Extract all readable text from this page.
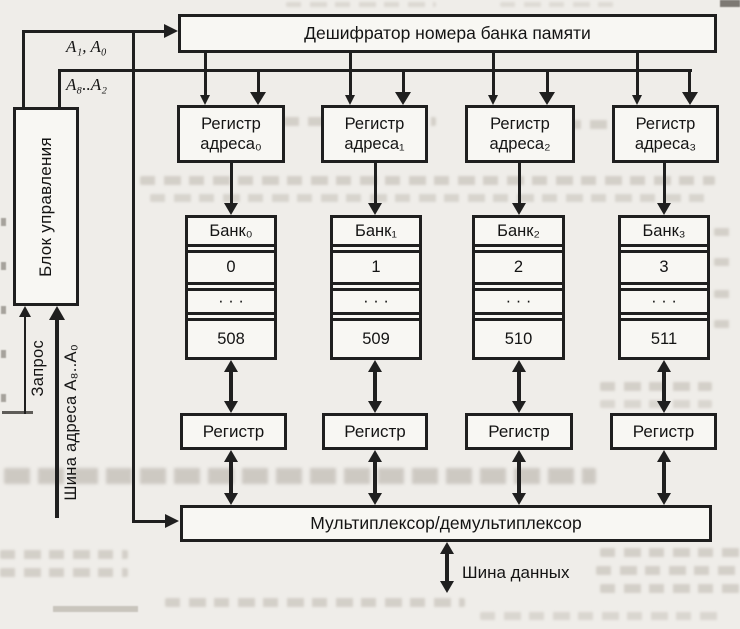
Дешифратор номера банка памяти
Блок управления
Регистр
адреса₀
Регистр
адреса₁
Регистр
адреса₂
Регистр
адреса₃
Банк₀
0
· · ·
508
Банк₁
1
· · ·
509
Банк₂
2
· · ·
510
Банк₃
3
· · ·
511
Регистр	Регистр	Регистр	Регистр
Мультиплексор/демультиплексор
A₁, A₀
A₈..A₂
Запрос Шина адреса A₈..A₀
Шина данных
